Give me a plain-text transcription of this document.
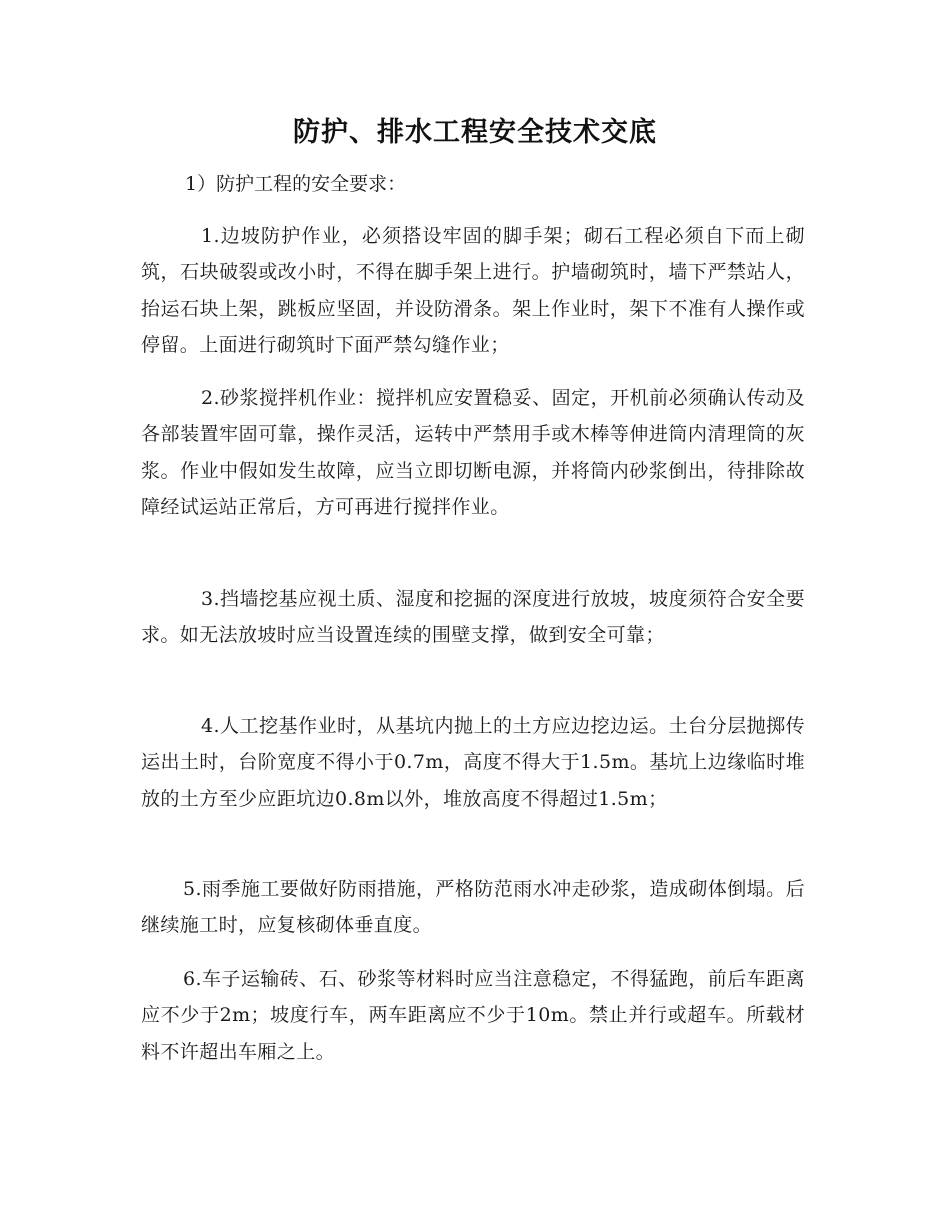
防护、排水工程安全技术交底
1）防护工程的安全要求：

1.边坡防护作业，必须搭设牢固的脚手架；砌石工程必须自下而上砌筑，石块破裂或改小时，不得在脚手架上进行。护墙砌筑时，墙下严禁站人，抬运石块上架，跳板应坚固，并设防滑条。架上作业时，架下不准有人操作或停留。上面进行砌筑时下面严禁勾缝作业；

2.砂浆搅拌机作业：搅拌机应安置稳妥、固定，开机前必须确认传动及各部装置牢固可靠，操作灵活，运转中严禁用手或木棒等伸进筒内清理筒的灰浆。作业中假如发生故障，应当立即切断电源，并将筒内砂浆倒出，待排除故障经试运站正常后，方可再进行搅拌作业。

3.挡墙挖基应视土质、湿度和挖掘的深度进行放坡，坡度须符合安全要求。如无法放坡时应当设置连续的围壁支撑，做到安全可靠；

4.人工挖基作业时，从基坑内抛上的土方应边挖边运。土台分层抛掷传运出土时，台阶宽度不得小于0.7m，高度不得大于1.5m。基坑上边缘临时堆放的土方至少应距坑边0.8m以外，堆放高度不得超过1.5m；

5.雨季施工要做好防雨措施，严格防范雨水冲走砂浆，造成砌体倒塌。后继续施工时，应复核砌体垂直度。

6.车子运输砖、石、砂浆等材料时应当注意稳定，不得猛跑，前后车距离应不少于2m；坡度行车，两车距离应不少于10m。禁止并行或超车。所载材料不许超出车厢之上。
